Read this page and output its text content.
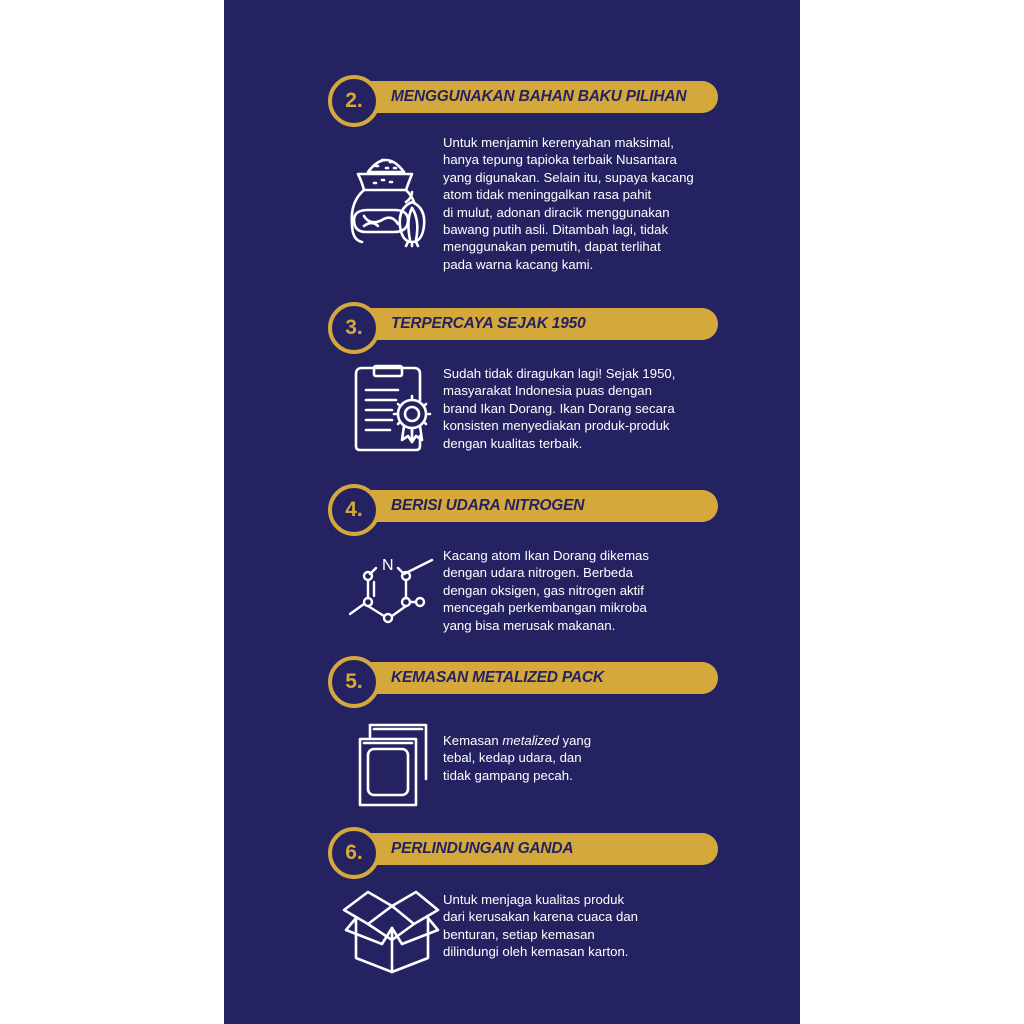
2.	MENGGUNAKAN BAHAN BAKU PILIHAN
Untuk menjamin kerenyahan maksimal,
hanya tepung tapioka terbaik Nusantara
yang digunakan. Selain itu, supaya kacang
atom tidak meninggalkan rasa pahit
di mulut, adonan diracik menggunakan
bawang putih asli. Ditambah lagi, tidak
menggunakan pemutih, dapat terlihat
pada warna kacang kami.
3.	TERPERCAYA SEJAK 1950
Sudah tidak diragukan lagi! Sejak 1950,
masyarakat Indonesia puas dengan
brand Ikan Dorang. Ikan Dorang secara
konsisten menyediakan produk-produk
dengan kualitas terbaik.
4.	BERISI UDARA NITROGEN
N
Kacang atom Ikan Dorang dikemas
dengan udara nitrogen. Berbeda
dengan oksigen, gas nitrogen aktif
mencegah perkembangan mikroba
yang bisa merusak makanan.
5.	KEMASAN METALIZED PACK
Kemasan metalized yang
tebal, kedap udara, dan
tidak gampang pecah.
6.	PERLINDUNGAN GANDA
Untuk menjaga kualitas produk
dari kerusakan karena cuaca dan
benturan, setiap kemasan
dilindungi oleh kemasan karton.
